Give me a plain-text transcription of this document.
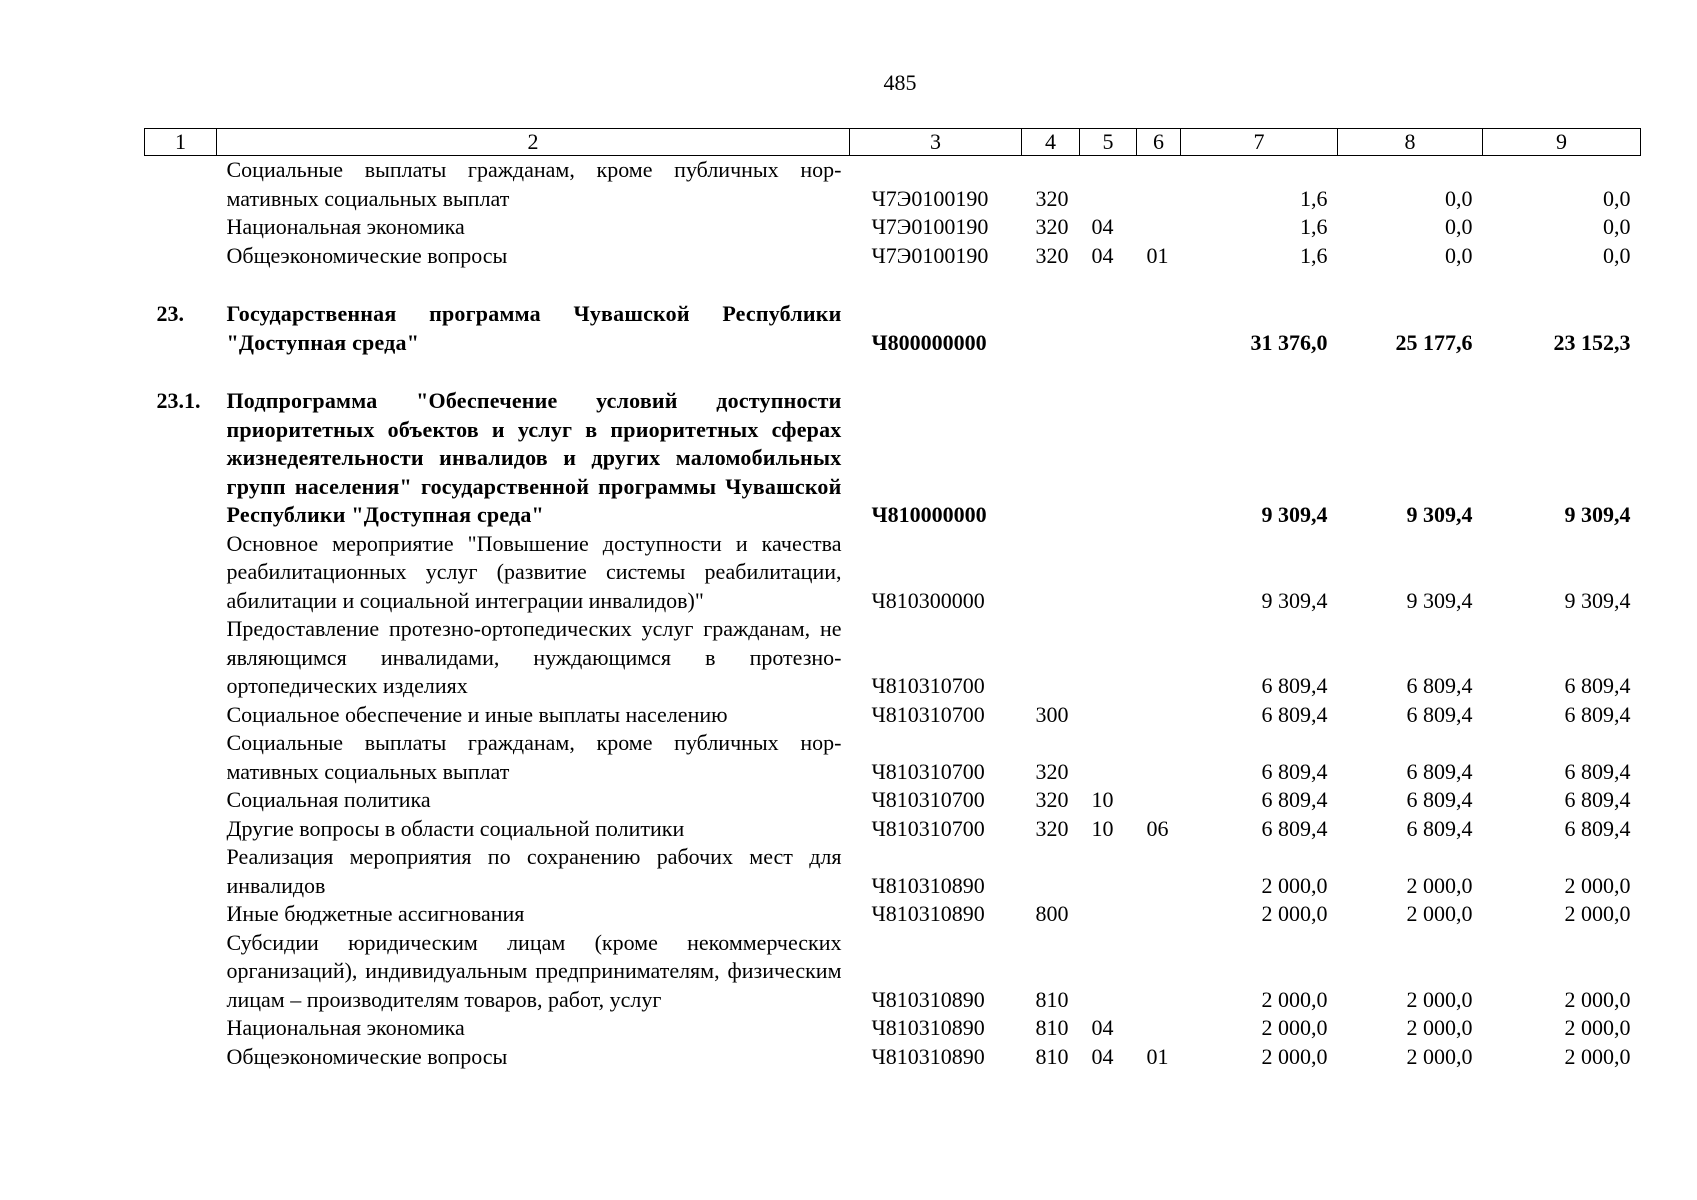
485
1	2	3	4	5	6	7	8	9
	Социальные выплаты гражданам, кроме публичных нормативных социальных выплат	Ч7Э0100190	320			1,6	0,0	0,0
	Национальная экономика	Ч7Э0100190	320	04		1,6	0,0	0,0
	Общеэкономические вопросы	Ч7Э0100190	320	04	01	1,6	0,0	0,0

23.	Государственная программа Чувашской Республики "Доступная среда"	Ч800000000				31 376,0	25 177,6	23 152,3

23.1.	Подпрограмма "Обеспечение условий доступности приоритетных объектов и услуг в приоритетных сферах жизнедеятельности инвалидов и других маломобильных групп населения" государственной программы Чувашской Республики "Доступная среда"	Ч810000000				9 309,4	9 309,4	9 309,4
	Основное мероприятие "Повышение доступности и качества реабилитационных услуг (развитие системы реабилитации, абилитации и социальной интеграции инвалидов)"	Ч810300000				9 309,4	9 309,4	9 309,4
	Предоставление протезно-ортопедических услуг гражданам, не являющимся инвалидами, нуждающимся в протезно-ортопедических изделиях	Ч810310700				6 809,4	6 809,4	6 809,4
	Социальное обеспечение и иные выплаты населению	Ч810310700	300			6 809,4	6 809,4	6 809,4
	Социальные выплаты гражданам, кроме публичных нормативных социальных выплат	Ч810310700	320			6 809,4	6 809,4	6 809,4
	Социальная политика	Ч810310700	320	10		6 809,4	6 809,4	6 809,4
	Другие вопросы в области социальной политики	Ч810310700	320	10	06	6 809,4	6 809,4	6 809,4
	Реализация мероприятия по сохранению рабочих мест для инвалидов	Ч810310890				2 000,0	2 000,0	2 000,0
	Иные бюджетные ассигнования	Ч810310890	800			2 000,0	2 000,0	2 000,0
	Субсидии юридическим лицам (кроме некоммерческих организаций), индивидуальным предпринимателям, физическим лицам – производителям товаров, работ, услуг	Ч810310890	810			2 000,0	2 000,0	2 000,0
	Национальная экономика	Ч810310890	810	04		2 000,0	2 000,0	2 000,0
	Общеэкономические вопросы	Ч810310890	810	04	01	2 000,0	2 000,0	2 000,0
